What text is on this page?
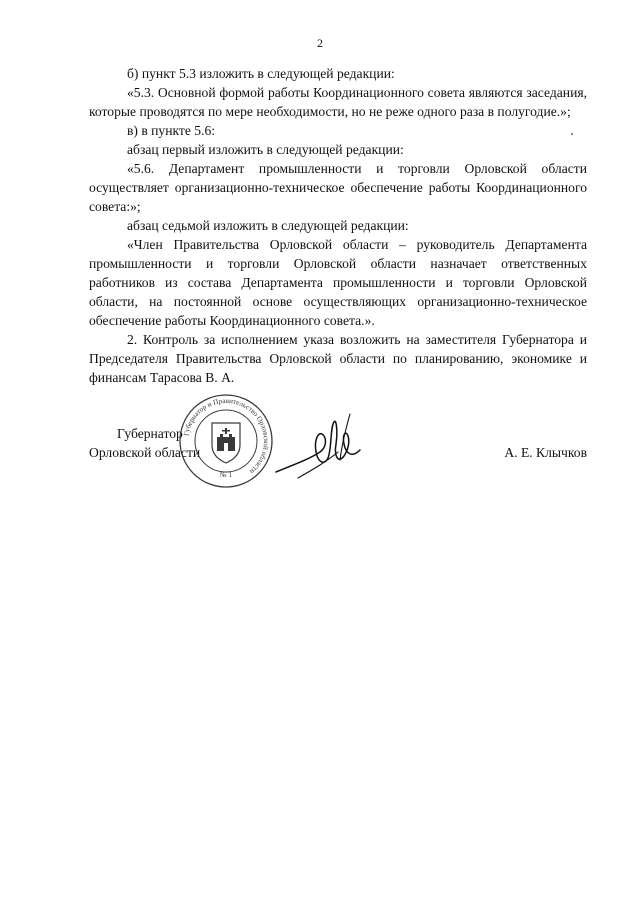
2

б) пункт 5.3 изложить в следующей редакции:

«5.3. Основной формой работы Координационного совета являются заседания, которые проводятся по мере необходимости, но не реже одного раза в полугодие.»;

в) в пункте 5.6:

абзац первый изложить в следующей редакции:

«5.6. Департамент промышленности и торговли Орловской области осуществляет организационно-техническое обеспечение работы Координационного совета:»;

абзац седьмой изложить в следующей редакции:

«Член Правительства Орловской области – руководитель Департамента промышленности и торговли Орловской области назначает ответственных работников из состава Департамента промышленности и торговли Орловской области, на постоянной основе осуществляющих организационно-техническое обеспечение работы Координационного совета.».

2. Контроль за исполнением указа возложить на заместителя Губернатора и Председателя Правительства Орловской области по планированию, экономике и финансам Тарасова В. А.

Губернатор
Орловской области	А. Е. Клычков
Губернатор и Правительство Орловской области
№ 1
